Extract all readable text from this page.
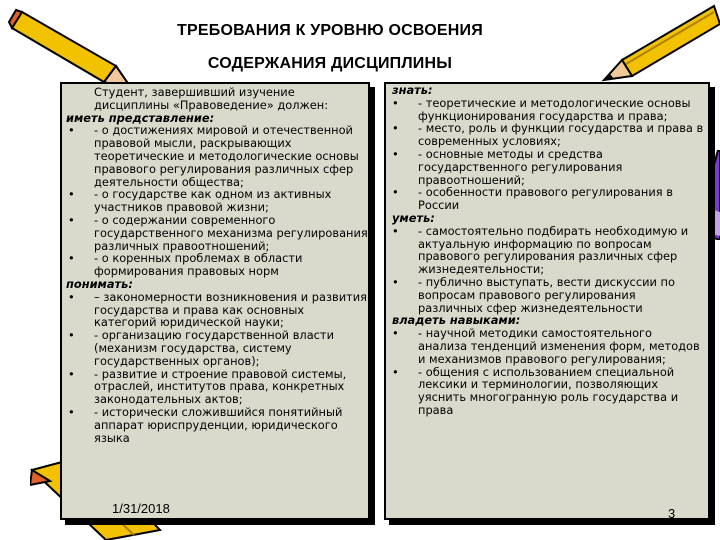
ТРЕБОВАНИЯ К УРОВНЮ ОСВОЕНИЯ
СОДЕРЖАНИЯ ДИСЦИПЛИНЫ
Студент, завершивший изучение дисциплины «Правоведение» должен:
иметь представление:
• - о достижениях мировой и отечественной правовой мысли, раскрывающих теоретические и методологические основы правового регулирования различных сфер деятельности общества;
• - о государстве как одном из активных участников правовой жизни;
• - о содержании современного государственного механизма регулирования различных правоотношений;
• - о коренных проблемах в области формирования правовых норм
понимать:
• – закономерности возникновения и развития государства и права как основных категорий юридической науки;
• - организацию государственной власти (механизм государства, систему государственных органов);
• - развитие и строение правовой системы, отраслей, институтов права, конкретных законодательных актов;
• - исторически сложившийся понятийный аппарат юриспруденции, юридического языка
знать:
• - теоретические и методологические основы функционирования государства и права;
• - место, роль и функции государства и права в современных условиях;
• - основные методы и средства государственного регулирования правоотношений;
• - особенности правового регулирования в России
уметь:
• - самостоятельно подбирать необходимую и актуальную информацию по вопросам правового регулирования различных сфер жизнедеятельности;
• - публично выступать, вести дискуссии по вопросам правового регулирования различных сфер жизнедеятельности
владеть навыками:
• - научной методики самостоятельного анализа тенденций изменения форм, методов и механизмов правового регулирования;
• - общения с использованием специальной лексики и терминологии, позволяющих уяснить многогранную роль государства и права
1/31/2018	3
